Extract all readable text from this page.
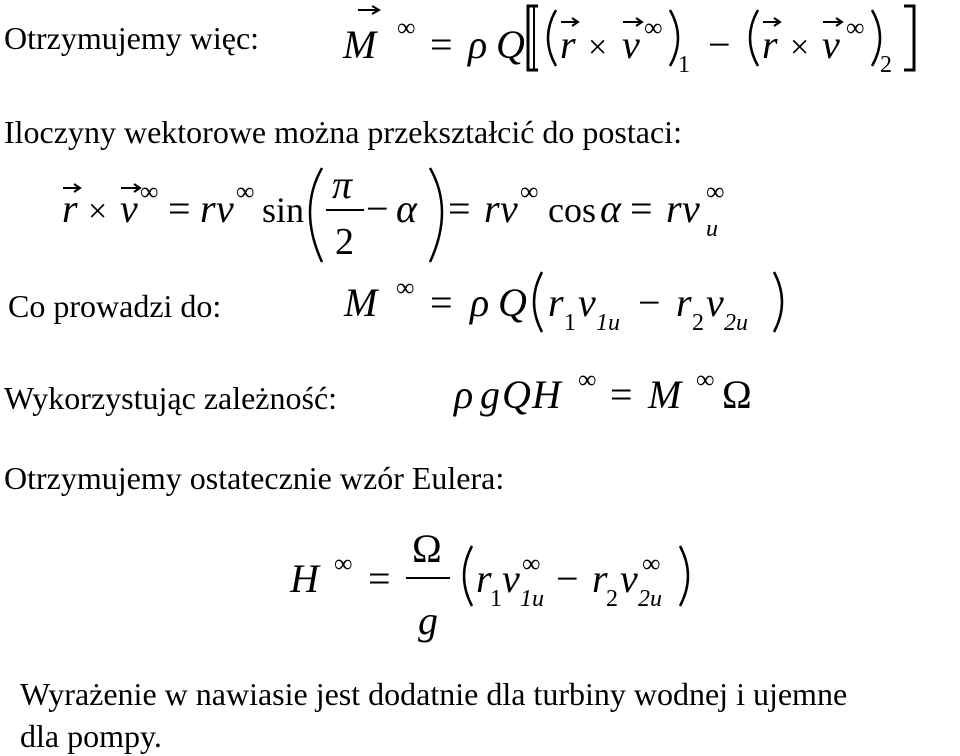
Otrzymujemy więc:
Iloczyny wektorowe można przekształcić do postaci:
Co prowadzi do:
Wykorzystując zależność:
Otrzymujemy ostatecznie wzór Eulera:
Wyrażenie w nawiasie jest dodatnie dla turbiny wodnej i ujemne
dla pompy.
M ∞ = ρ Q r × v ∞
1 − r × v ∞
2
r × v ∞ = r v ∞ sin
π
2
− α = r v ∞ cos α = r v ∞
u
M ∞ = ρ Q r 1 v 1u − r 2 v 2u
ρ g Q H ∞ = M ∞ Ω
H ∞ =
Ω
g
r
1 v ∞
1u − r
2 v ∞
2u
